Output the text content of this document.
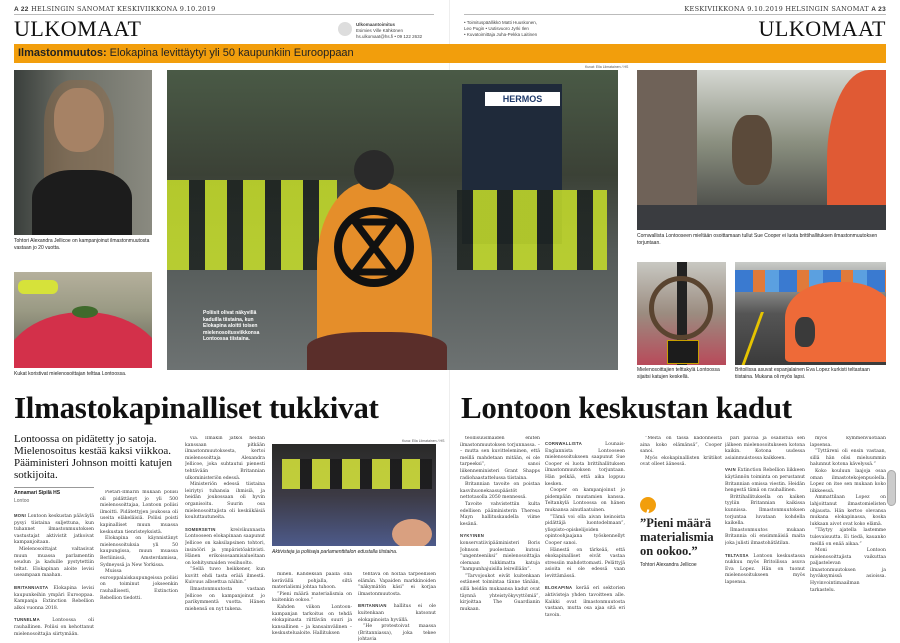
A 22 HELSINGIN SANOMAT KESKIVIIKKONA 9.10.2019
ULKOMAAT	Ulkomaantoimitus
Esimies Ville Kähkönen
hs.ulkomaat@hs.fi • 09 122 2632
KESKIVIIKKONA 9.10.2019 HELSINGIN SANOMAT A 23
• Toimituspäällikkö Matti Huuskonen,
Leo Pugin • Uutisvuoro Jyrki Ilen
• Kuvatoimittaja Juha-Pekka Laitinen	ULKOMAAT
Ilmastonmuutos: Elokapina levittäytyi yli 50 kaupunkiin Eurooppaan
Tohtori Alexandra Jellicoe on kampanjoinut ilmastonmuutosta vastaan jo 20 vuotta.
Kukat koristivat mielenosoittajan telttaa Lontoossa.
Kuvat: Ella Liimatainen / HS
HERMOS
Poliisit olivat näkyvillä kaduilla tiistaina, kun Elokapina aloitti toisen mielenosoitusviikkonsa Lontoossa tiistaina.
Cornwallista Lontooseen mieltään osoittamaan tullut Sue Cooper ei luota brittihallituksen ilmastonmuutoksen torjuntaan.
Mielenosoittajien telttakylä Lontoossa sijaitsi katujen keskellä.
Britoilissa asuvat espanjalainen Eva Lopez kurkisti teltastaan tiistaina. Mukana oli myös lapsi.
Ilmastokapinalliset tukkivat	Lontoon keskustan kadut
Lontoossa on pidätetty jo satoja. Mielenosoitus kestää kaksi viikkoa. Pääministeri Johnson moitti katujen sotkijoita.
Annamari Sipilä HS
Lontoo
Kuva: Ella Liimatainen / HS
Aktivisteja ja poliiseja parlamenttitalon edustalla tiistaina.
,
”Pieni määrä materialismia on ookoo.”
Tohtori Alexandra Jellicoe

MONI Lontoon keskustan pääväylä pysyi tiistaina suljettuna, kun tuhannet ilmastonmuutoksen vastustajat aktivistit jatkoivat kampanjoitaan.

Mielenosoittajat valtasivat muun muassa parlamentin seudun ja kaduille pystytettiin teltat. Elokapinan aloite levisi useampaan maahan.

BRITANNIASTA Elokapina levisi kaupunkeihin ympäri Eurooppaa. Kampanja Extinction Rebellion alkoi vuonna 2018.

TUNNELMA	Lontoossa oli rauhallinen. Poliisi on kehottanut mielenosoittajia siirtymään.

Pietari-Ilmarin mukaan poliisi oli pidättänyt jo yli 500 mielenosoittajaa, Lontoon poliisi ilmoitti. Pidätettyjen joukossa oli useita eläkeläisiä. Poliisi poisti kapinalliset muun muassa keskustan tienristeyksistä.

Elokapina on käynnistänyt mielenosoituksia yli 50 kaupungissa, muun muassa Berliinissä, Amsterdamissa, Sydneyssä ja New Yorkissa.

Muissa eurooppalaiskaupungeissa poliisi on toiminut jokseenkin rauhallisesti, Extinction Rebellion tiedotti.

via. Ilmakin jatkoi heidän kanssaan pitkään ilmastonmuutoksesta, kertoi mielenosoittaja Alexandra Jellicoe, joka suhtautui pienesti tehtävään Britannian ulkoministeriön edessä.

Ministeriön edessä tiistaina leiriytyi tuhansia ihmisiä, ja heidän joukossaan oli hyvin organisoitu. Suurin osa mielenosoittajista oli keskiikäisiä kouluttautuneita.

SOMERSETIN	kreivikunnasta Lontooseen elokapinaan saapunut Jellicoe on kaksilapsinen tohtori, insinööri ja ympäristöaktivisti. Hänen erikoisosaamisalueitaan on kehitysmaiden vesihuolto.

”Sellä tuwo heikkener, kun kuvitt ehdi tasta eräiä ilmestä. Kuivuus albsettua näihin.”

Ilmastonmuutosta vastaan Jellicoe on kampanjoinut jo parikymmentä vuotta. Hänen miehensä on nyt tukena.

minen. Kahdeksan päällä olla kerävällä pohjalla, siltä materialismi johtaa tuhoon.

”Pieni määrä materialismia on kuitenkin ookoo.”

Kahden viikon Lontoon-kampanjan tarkoitus on tehdä elokapinasta riittävän suuri ja kansallinen – ja kansainvälinen – keskustelualoite. Hallituksen

tehtävä on hoitaa tarpeellisen elämän. Vapaiden markkinoiden ”näkymätön käsi” ei korjaa ilmastonmuutosta.

BRITANNIAN hallitus ei ole kuitenkaan katsonut elokapinoista hyvällä.

”He protestoivat maassa (Britanniassa), joka tekee johtavia

teollisuusmaiden eniten ilmastonmuutoksen torjunnassa. – – mutta sen kuvitteleminen, että meillä mahdetaan mitään, ei ole tarpeeksi”, sanoi liikenneministeri Grant Shapps radiohaastattelussa tiistaina.

Britannian tavoite on poistaa kasvihuonekaasupäästöt nettotasolla 2050 mennessä.

Tavoite vahvistettiin kulta edellisen pääministerin Theresa Mayn hallituskaudella viime kesänä.

NYKYINEN konservatiivipääministeri Boris Johnson puolestaan kutsui ”ungenteeniksi” mielenosoittajia olemaan tukkimatta katuja ”hampunhajuisilla leireillään”.

”Tarvojoukot eivät kuitenkaan estäneet toimintaa tänne tänään, sillä heidän mukaansa kadut ovat täynnä yhteistyökyvyttömiä”, kirjoittaa The Guardianin mukaan.

CORNWALLISTA	Lounais-Englannista Lontooseen mielenosoitukseen saapunut Sue Cooper ei luota brittihallituksen ilmastonmuutoksen torjuntaan. Hän pelkää, että aika loppuu kesken.

Cooper on kampanjoinut jo pidempään muutamien kanssa. Teltankylä Lontoossa on hänen mukaansa ainutlaatuinen.

”Tämä voi olla aivan keinoista pidättäjä luontodelmaan”, yliopisto-opiskelijoiden opintoohjaajana työskennellyt Cooper sanoi.

Hänestä on tärkeää, että ekokapinalliset eivät vastaa stressiin mahdottomasti. Pelättyjä asioita ei ole edessä vaan levittämässä.

ELOKAPINA kerää eri sektorien aktivisteja yhden tavoitteen alle. Kaikki ovat ilmastonmuutosta vastaan, mutta osa ajaa sitä eri tavoin.

”Meitä on tässä kadonneista aina koko elämänsä”, Cooper sanoi.

Myös ekokapinallisten kriitikot ovat olleet äänessä.

pari päivää ja osallistua sen jälkeen mielenosoitukseen kotona kaikin. Kotona uudessa asiainmuistossa kaikkeen.

VAIN Extinction Rebellion liikkeen käytännön toiminta on perustanut Britannian omissa viestin. Heidän hengestä tämä on rauhallinen.

Brittihallituksella on kaiken tyyliin Britannian kaikissa kunnissa. Ilmastonmuutoksen torjuntaa luvataan kohdella kaikella.

Ilmastonmuutos mukaan Britannia oli ensimmäisiä maita joka julisti ilmastohätätilan.

TELTASSA Lontoon keskustassa nukkuu myös Britoilissa asuva Eva Lopez. Hän on tuonut mielenosoitukseen myös lapsensa.

myös kymmenvuotiaan lapsensa.

”Tyttäreni oli ensin vastaan, sillä hän olisi mieluummin halunnut kotona kävelyssä.”

Koko kouluun laajoja osaa oman ilmastotekojenpuolella. Lopez on itse sen mukaan koko liikkeessä.

Ammattilaan Lopez on lahjoittanut ilmastomielisten ohjausta. Hän kertoo olevansa mukana elokapinassa, koska lukkaan aivot ovat koko elämä.

”Täytyy ajatella lastemme tulevaisuutta. Ei tiedä, kauanko meillä on enää aikaa.”

Moni Lontoon mielenosoittajista vaikuttaa paljastelevan ilmastonmuutoksen ja hyväksymissä asioissa. Hyvinvointimaailman tarkastelu.
